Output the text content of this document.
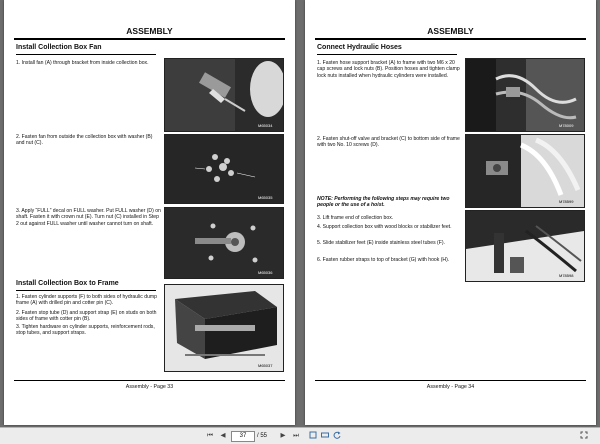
ASSEMBLY
Install Collection Box Fan
1. Install fan (A) through bracket from inside collection box.
2. Fasten fan from outside the collection box with washer (B) and nut (C).
3. Apply “FULL” decal on FULL washer. Put FULL washer (D) on shaft. Fasten it with crown nut (E). Turn nut (C) installed in Step 2 out against FULL washer until washer cannot turn on shaft.
Install Collection Box to Frame
1. Fasten cylinder supports (F) to both sides of hydraulic dump frame (A) with drilled pin and cotter pin (C).
2. Fasten stop tube (D) and support strap (E) on studs on both sides of frame with cotter pin (B).
3. Tighten hardware on cylinder supports, reinforcement rods, stop tubes, and support straps.
M65034
M65035
M65036
M65037
Assembly - Page 33
ASSEMBLY
Connect Hydraulic Hoses
1. Fasten hose support bracket (A) to frame with two M6 x 20 cap screws and lock nuts (B). Position hoses and tighten clamp lock nuts installed when hydraulic cylinders were installed.
2. Fasten shut-off valve and bracket (C) to bottom side of frame with two No. 10 screws (D).
NOTE: Performing the following steps may require two people or the use of a hoist.
3. Lift frame end of collection box.
4. Support collection box with wood blocks or stabilizer feet.
5. Slide stabilizer feet (E) inside stainless steel tubes (F).
6. Fasten rubber straps to top of bracket (G) with hook (H).
M78009
M78599
M78598
Assembly - Page 34
⏮	◀	37	/ 55	▶	⏭
